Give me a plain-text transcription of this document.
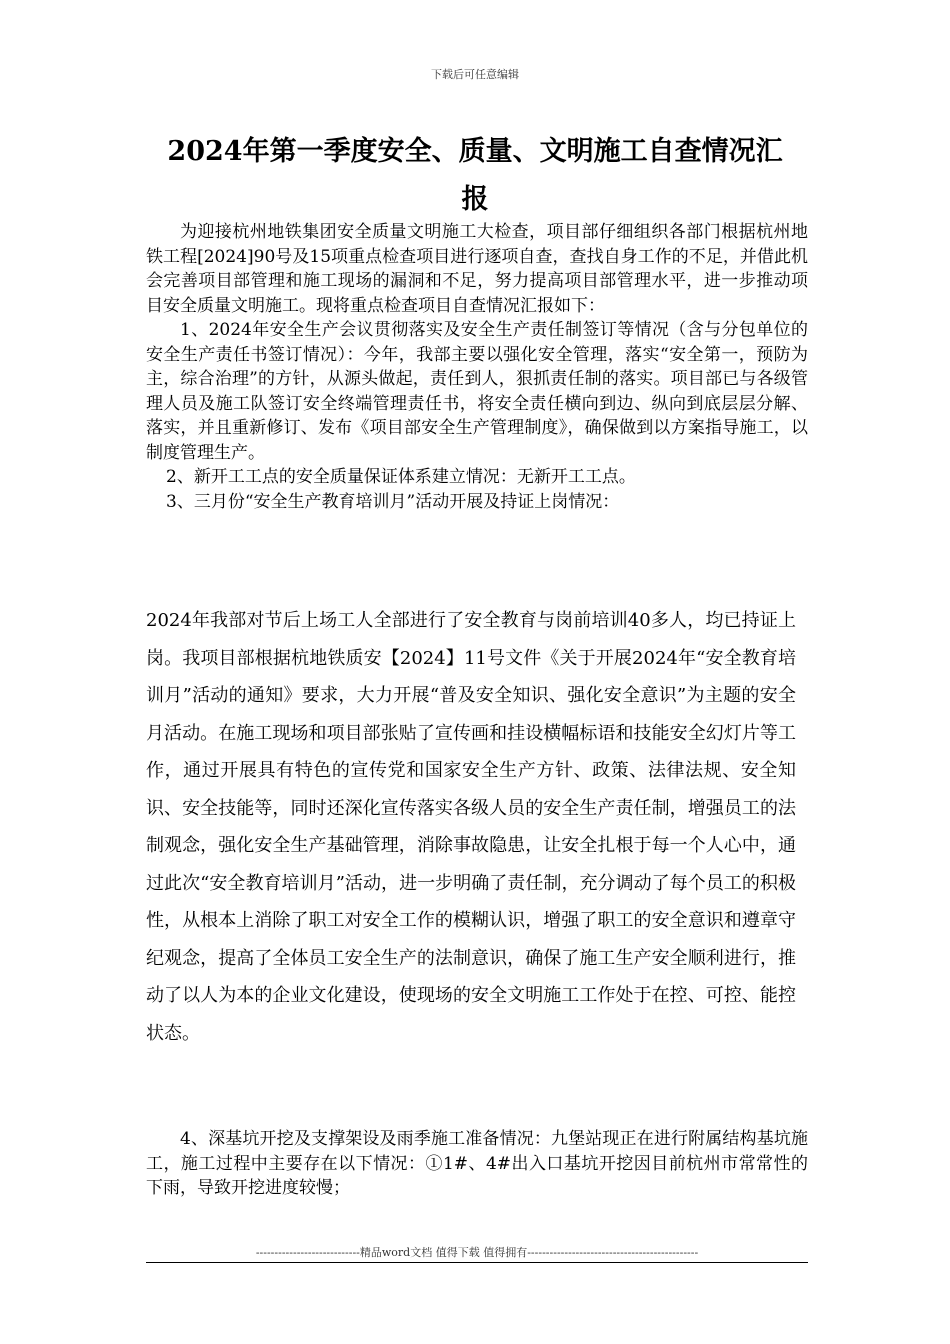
下载后可任意编辑
2024年第一季度安全、质量、文明施工自查情况汇
报

为迎接杭州地铁集团安全质量文明施工大检查，项目部仔细组织各部门根据杭州地铁工程[2024]90号及15项重点检查项目进行逐项自查，查找自身工作的不足，并借此机会完善项目部管理和施工现场的漏洞和不足，努力提高项目部管理水平，进一步推动项目安全质量文明施工。现将重点检查项目自查情况汇报如下：

1、2024年安全生产会议贯彻落实及安全生产责任制签订等情况（含与分包单位的安全生产责任书签订情况）：今年，我部主要以强化安全管理，落实“安全第一，预防为主，综合治理”的方针，从源头做起，责任到人，狠抓责任制的落实。项目部已与各级管理人员及施工队签订安全终端管理责任书，将安全责任横向到边、纵向到底层层分解、落实，并且重新修订、发布《项目部安全生产管理制度》，确保做到以方案指导施工，以制度管理生产。

2、新开工工点的安全质量保证体系建立情况：无新开工工点。

3、三月份“安全生产教育培训月”活动开展及持证上岗情况：

2024年我部对节后上场工人全部进行了安全教育与岗前培训40多人，均已持证上岗。我项目部根据杭地铁质安【2024】11号文件《关于开展2024年“安全教育培训月”活动的通知》要求，大力开展“普及安全知识、强化安全意识”为主题的安全月活动。在施工现场和项目部张贴了宣传画和挂设横幅标语和技能安全幻灯片等工作，通过开展具有特色的宣传党和国家安全生产方针、政策、法律法规、安全知识、安全技能等，同时还深化宣传落实各级人员的安全生产责任制，增强员工的法制观念，强化安全生产基础管理，消除事故隐患，让安全扎根于每一个人心中，通过此次“安全教育培训月”活动，进一步明确了责任制，充分调动了每个员工的积极性，从根本上消除了职工对安全工作的模糊认识，增强了职工的安全意识和遵章守纪观念，提高了全体员工安全生产的法制意识，确保了施工生产安全顺利进行，推动了以人为本的企业文化建设，使现场的安全文明施工工作处于在控、可控、能控状态。

4、深基坑开挖及支撑架设及雨季施工准备情况：九堡站现正在进行附属结构基坑施工，施工过程中主要存在以下情况：①1#、4#出入口基坑开挖因目前杭州市常常性的下雨，导致开挖进度较慢；

----------------------------精品word文档 值得下载 值得拥有----------------------------------------------
